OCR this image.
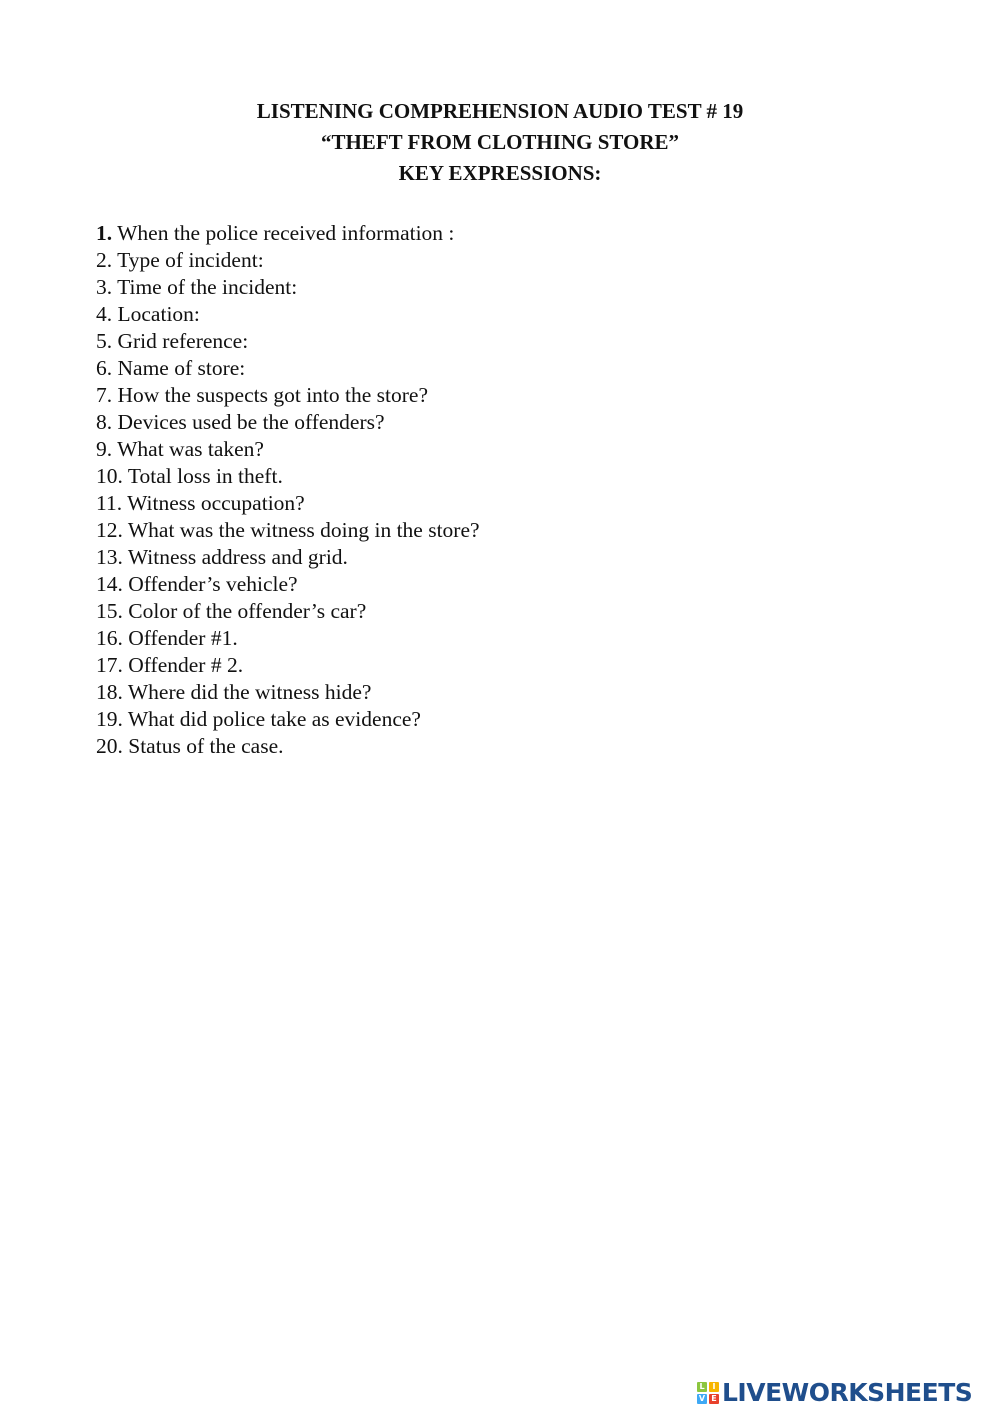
LISTENING COMPREHENSION AUDIO TEST # 19
“THEFT FROM CLOTHING STORE”
KEY EXPRESSIONS:
1. When the police received information :
2. Type of incident:
3. Time of the incident:
4. Location:
5. Grid reference:
6. Name of store:
7. How the suspects got into the store?
8. Devices used be the offenders?
9. What was taken?
10. Total loss in theft.
11. Witness occupation?
12. What was the witness doing in the store?
13. Witness address and grid.
14. Offender’s vehicle?
15. Color of the offender’s car?
16. Offender #1.
17. Offender # 2.
18. Where did the witness hide?
19. What did police take as evidence?
20. Status of the case.
L I
V E LIVEWORKSHEETS
